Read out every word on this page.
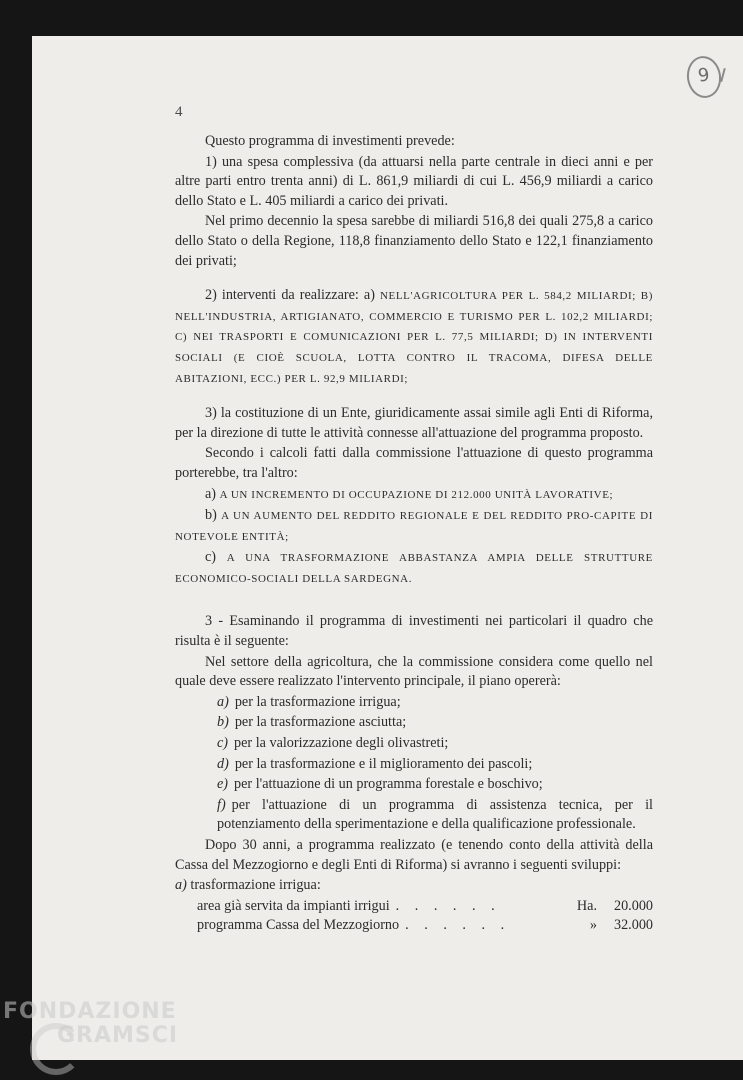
9
4

Questo programma di investimenti prevede:

1) una spesa complessiva (da attuarsi nella parte centrale in dieci anni e per altre parti entro trenta anni) di L. 861,9 miliardi di cui L. 456,9 miliardi a carico dello Stato e L. 405 miliardi a carico dei privati.

Nel primo decennio la spesa sarebbe di miliardi 516,8 dei quali 275,8 a carico dello Stato o della Regione, 118,8 finanziamento dello Stato e 122,1 finanziamento dei privati;

2) interventi da realizzare: a) NELL'AGRICOLTURA PER L. 584,2 MILIARDI; B) NELL'INDUSTRIA, ARTIGIANATO, COMMERCIO E TURISMO PER L. 102,2 MILIARDI; C) NEI TRASPORTI E COMUNICAZIONI PER L. 77,5 MILIARDI; D) IN INTERVENTI SOCIALI (E CIOÈ SCUOLA, LOTTA CONTRO IL TRACOMA, DIFESA DELLE ABITAZIONI, ECC.) PER L. 92,9 MILIARDI;

3) la costituzione di un Ente, giuridicamente assai simile agli Enti di Riforma, per la direzione di tutte le attività connesse all'attuazione del programma proposto.

Secondo i calcoli fatti dalla commissione l'attuazione di questo programma porterebbe, tra l'altro:

a) A UN INCREMENTO DI OCCUPAZIONE DI 212.000 UNITÀ LAVORATIVE;

b) A UN AUMENTO DEL REDDITO REGIONALE E DEL REDDITO PRO-CAPITE DI NOTEVOLE ENTITÀ;

c) A UNA TRASFORMAZIONE ABBASTANZA AMPIA DELLE STRUTTURE ECONOMICO-SOCIALI DELLA SARDEGNA.

3 - Esaminando il programma di investimenti nei particolari il quadro che risulta è il seguente:

Nel settore della agricoltura, che la commissione considera come quello nel quale deve essere realizzato l'intervento principale, il piano opererà:

a) per la trasformazione irrigua;

b) per la trasformazione asciutta;

c) per la valorizzazione degli olivastreti;

d) per la trasformazione e il miglioramento dei pascoli;

e) per l'attuazione di un programma forestale e boschivo;

f) per l'attuazione di un programma di assistenza tecnica, per il potenziamento della sperimentazione e della qualificazione professionale.

Dopo 30 anni, a programma realizzato (e tenendo conto della attività della Cassa del Mezzogiorno e degli Enti di Riforma) si avranno i seguenti sviluppi:

a) trasformazione irrigua:

area già servita da impianti irrigui . . . . . .	Ha.	20.000
programma Cassa del Mezzogiorno . . . . . .	»	32.000
FONDAZIONE
GRAMSCI
